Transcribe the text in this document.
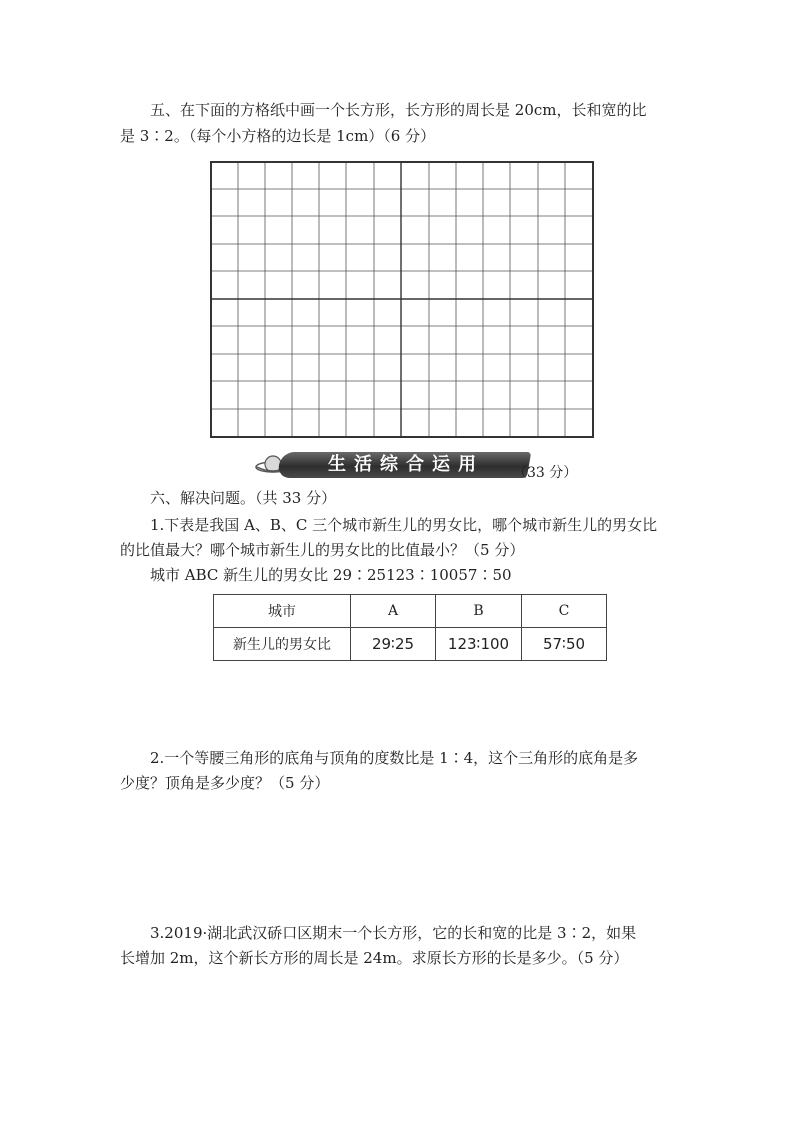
五、在下面的方格纸中画一个长方形，长方形的周长是 20cm，长和宽的比
是 3∶2。（每个小方格的边长是 1cm）（6 分）
生活综合运用	（33 分）
六、解决问题。（共 33 分）
1.下表是我国 A、B、C 三个城市新生儿的男女比，哪个城市新生儿的男女比
的比值最大？哪个城市新生儿的男女比的比值最小？（5 分）
城市 ABC 新生儿的男女比 29∶25123∶10057∶50
城市	A	B	C
新生儿的男女比	29∶25	123∶100	57∶50
2.一个等腰三角形的底角与顶角的度数比是 1∶4，这个三角形的底角是多
少度？顶角是多少度？（5 分）
3.2019·湖北武汉硚口区期末一个长方形，它的长和宽的比是 3∶2，如果
长增加 2m，这个新长方形的周长是 24m。求原长方形的长是多少。（5 分）
